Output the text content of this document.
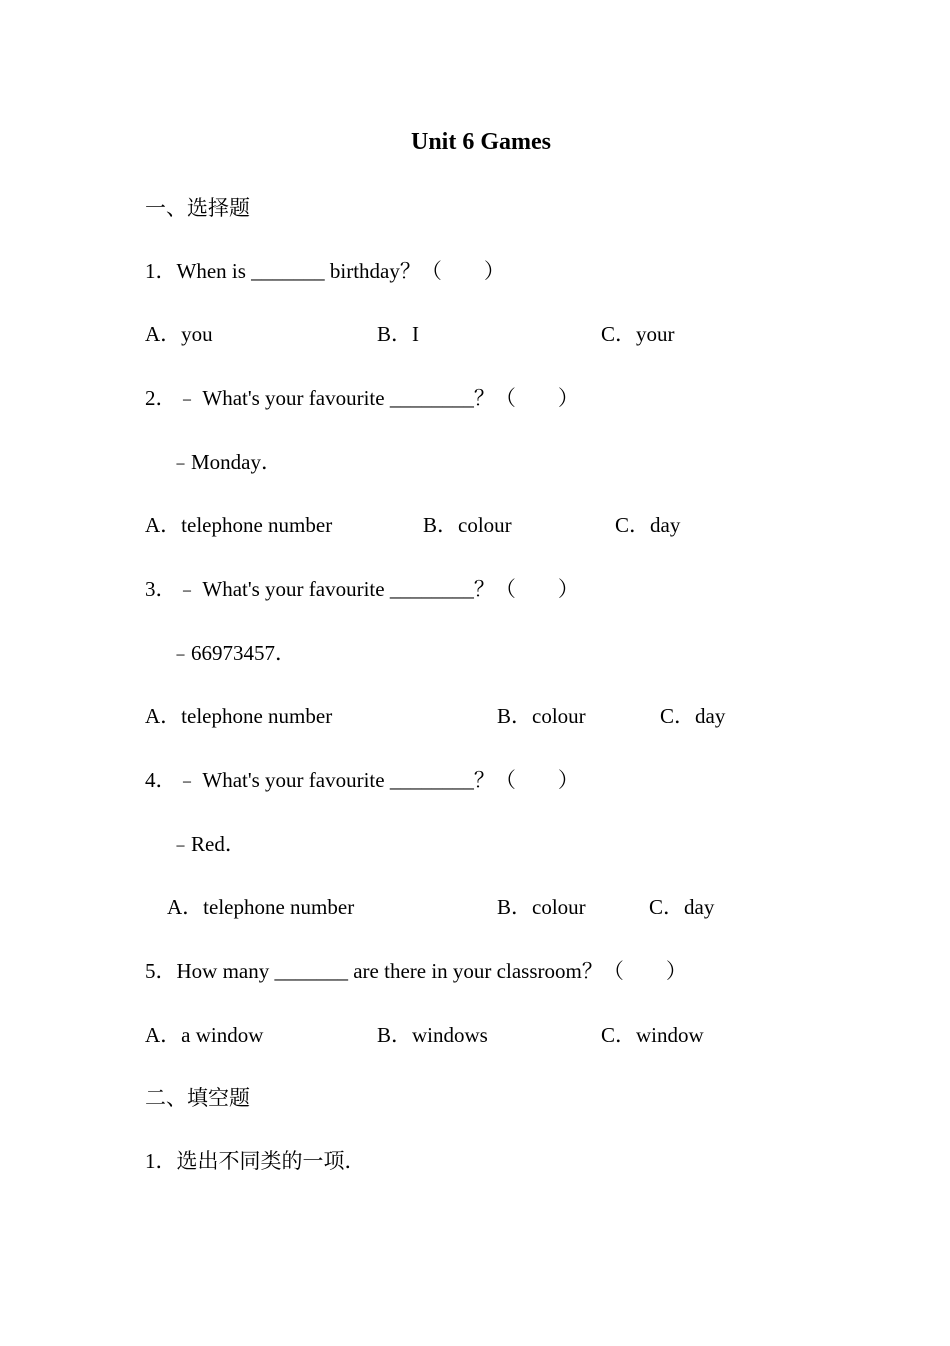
Unit 6 Games

一、选择题

1．When is _______ birthday？（　　）

A．you	B．I	C．your

2．﹣ What's your favourite ________？（　　）

﹣Monday．

A．telephone number	B．colour	C．day

3．﹣ What's your favourite ________？（　　）

﹣66973457．

A．telephone number	B．colour	C．day

4．﹣ What's your favourite ________？（　　）

﹣Red．

A．telephone number	B．colour	C．day

5．How many _______ are there in your classroom？（　　）

A．a window	B．windows	C．window

二、填空题

1．选出不同类的一项．
